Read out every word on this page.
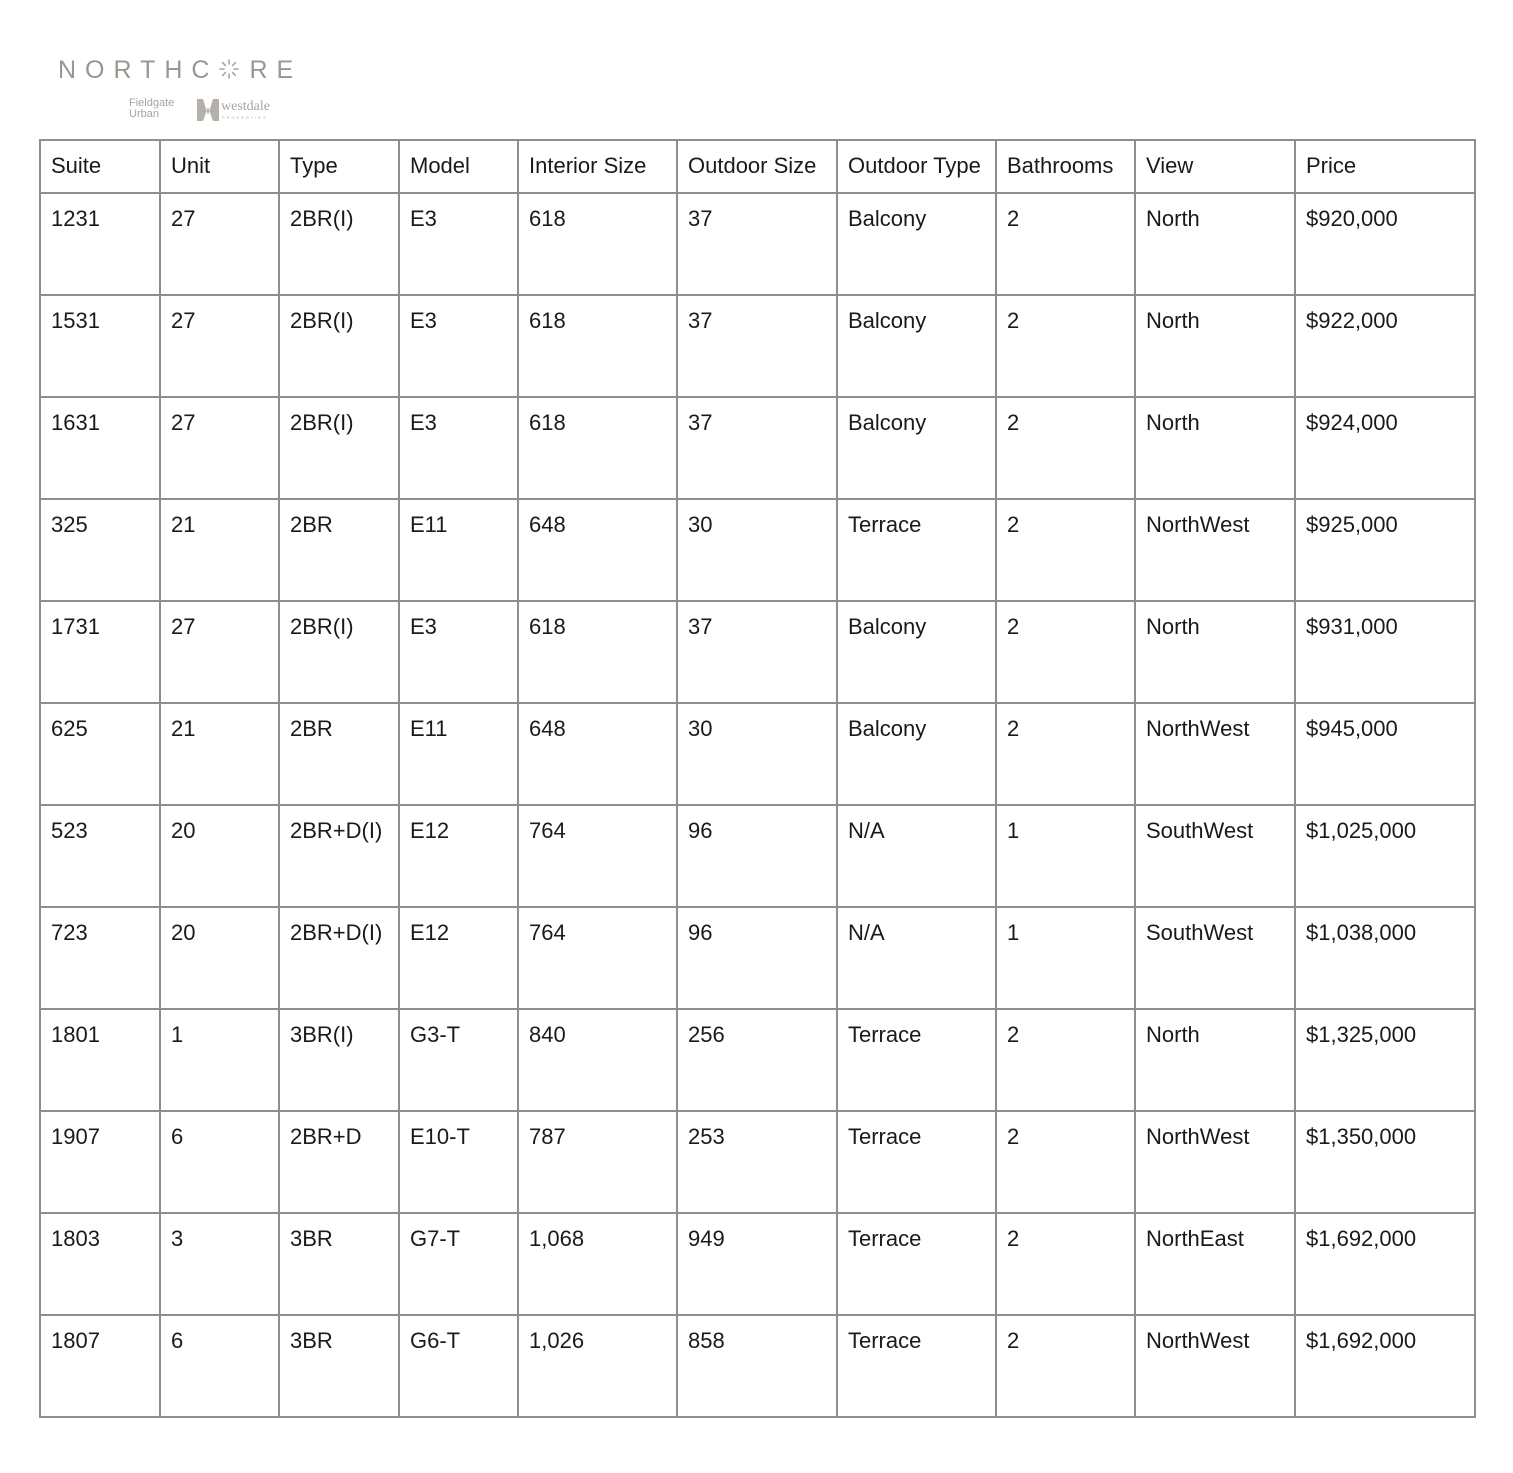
NORTHC RE
Fieldgate
Urban	westdale
PROPERTIES
Suite	Unit	Type	Model	Interior Size	Outdoor Size	Outdoor Type	Bathrooms	View	Price
1231	27	2BR(I)	E3	618	37	Balcony	2	North	$920,000
1531	27	2BR(I)	E3	618	37	Balcony	2	North	$922,000
1631	27	2BR(I)	E3	618	37	Balcony	2	North	$924,000
325	21	2BR	E11	648	30	Terrace	2	NorthWest	$925,000
1731	27	2BR(I)	E3	618	37	Balcony	2	North	$931,000
625	21	2BR	E11	648	30	Balcony	2	NorthWest	$945,000
523	20	2BR+D(I)	E12	764	96	N/A	1	SouthWest	$1,025,000
723	20	2BR+D(I)	E12	764	96	N/A	1	SouthWest	$1,038,000
1801	1	3BR(I)	G3-T	840	256	Terrace	2	North	$1,325,000
1907	6	2BR+D	E10-T	787	253	Terrace	2	NorthWest	$1,350,000
1803	3	3BR	G7-T	1,068	949	Terrace	2	NorthEast	$1,692,000
1807	6	3BR	G6-T	1,026	858	Terrace	2	NorthWest	$1,692,000
